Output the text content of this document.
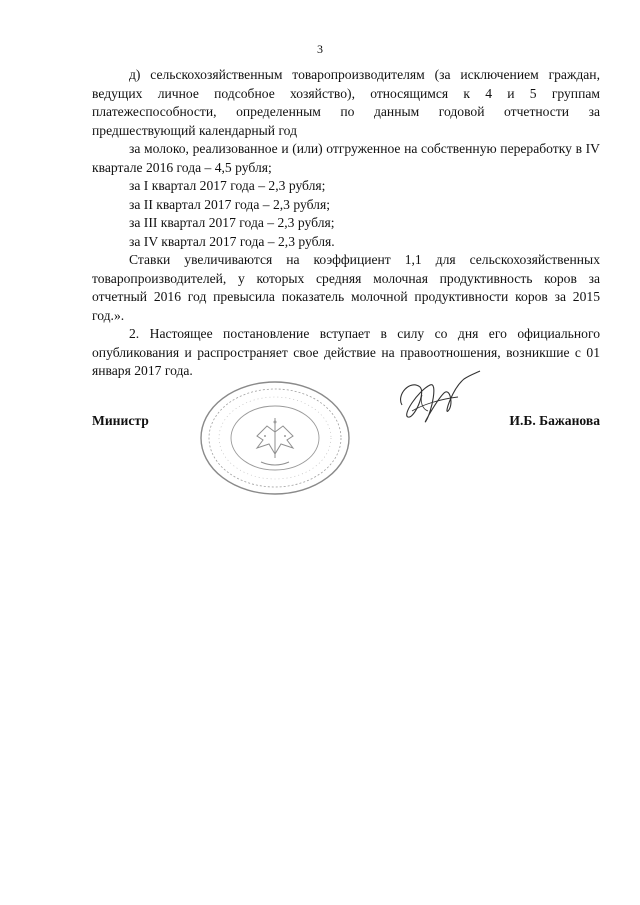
3

д) сельскохозяйственным товаропроизводителям (за исключением граждан, ведущих личное подсобное хозяйство), относящимся к 4 и 5 группам платежеспособности, определенным по данным годовой отчетности за предшествующий календарный год

за молоко, реализованное и (или) отгруженное на собственную переработку в IV квартале 2016 года – 4,5 рубля;

за I квартал 2017 года – 2,3 рубля;

за II квартал 2017 года – 2,3 рубля;

за III квартал 2017 года – 2,3 рубля;

за IV квартал 2017 года – 2,3 рубля.

Ставки увеличиваются на коэффициент 1,1 для сельскохозяйственных товаропроизводителей, у которых средняя молочная продуктивность коров за отчетный 2016 год превысила показатель молочной продуктивности коров за 2015 год.».

2. Настоящее постановление вступает в силу со дня его официального опубликования и распространяет свое действие на правоотношения, возникшие с 01 января 2017 года.

Министр	И.Б. Бажанова
